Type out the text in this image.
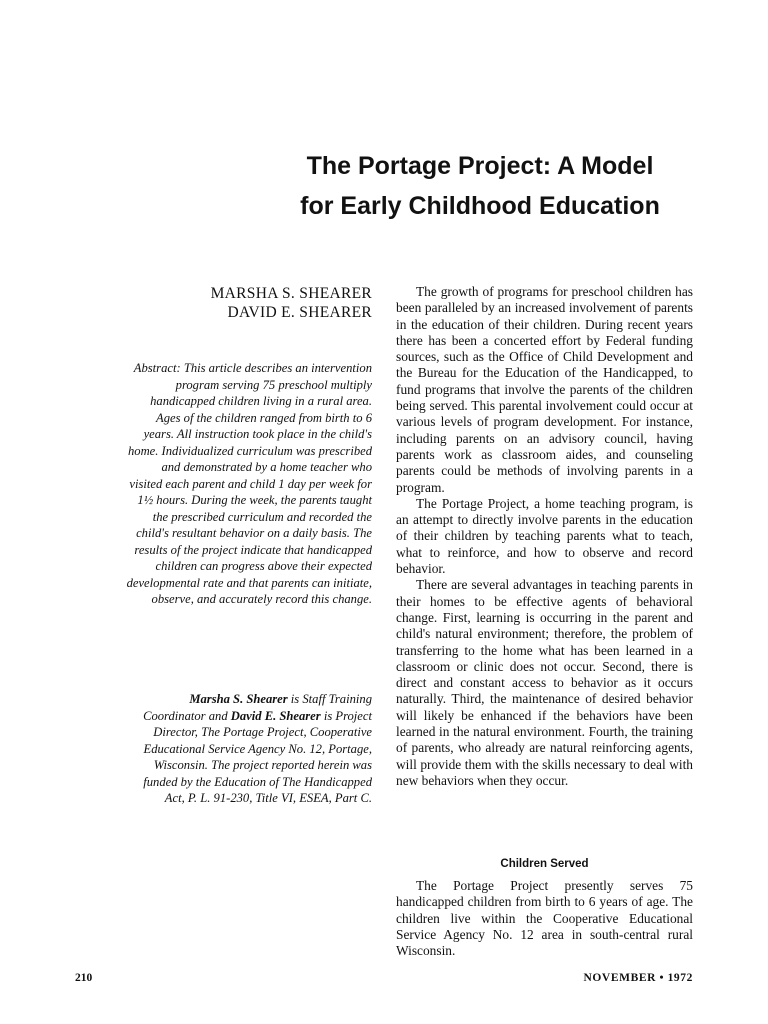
The Portage Project: A Model
for Early Childhood Education
MARSHA S. SHEARER
DAVID E. SHEARER
Abstract: This article describes an intervention program serving 75 preschool multiply handicapped children living in a rural area. Ages of the children ranged from birth to 6 years. All instruction took place in the child's home. Individualized curriculum was prescribed and demonstrated by a home teacher who visited each parent and child 1 day per week for 1½ hours. During the week, the parents taught the prescribed curriculum and recorded the child's resultant behavior on a daily basis. The results of the project indicate that handicapped children can progress above their expected developmental rate and that parents can initiate, observe, and accurately record this change.
Marsha S. Shearer is Staff Training Coordinator and David E. Shearer is Project Director, The Portage Project, Cooperative Educational Service Agency No. 12, Portage, Wisconsin. The project reported herein was funded by the Education of The Handicapped Act, P. L. 91-230, Title VI, ESEA, Part C.

The growth of programs for preschool children has been paralleled by an increased involvement of parents in the education of their children. During recent years there has been a concerted effort by Federal funding sources, such as the Office of Child Development and the Bureau for the Education of the Handicapped, to fund programs that involve the parents of the children being served. This parental involvement could occur at various levels of program development. For instance, including parents on an advisory council, having parents work as classroom aides, and counseling parents could be methods of involving parents in a program.

The Portage Project, a home teaching program, is an attempt to directly involve parents in the education of their children by teaching parents what to teach, what to reinforce, and how to observe and record behavior.

There are several advantages in teaching parents in their homes to be effective agents of behavioral change. First, learning is occurring in the parent and child's natural environment; therefore, the problem of transferring to the home what has been learned in a classroom or clinic does not occur. Second, there is direct and constant access to behavior as it occurs naturally. Third, the maintenance of desired behavior will likely be enhanced if the behaviors have been learned in the natural environment. Fourth, the training of parents, who already are natural reinforcing agents, will provide them with the skills necessary to deal with new behaviors when they occur.

Children Served

The Portage Project presently serves 75 handicapped children from birth to 6 years of age. The children live within the Cooperative Educational Service Agency No. 12 area in south-central rural Wisconsin.

210	NOVEMBER • 1972
